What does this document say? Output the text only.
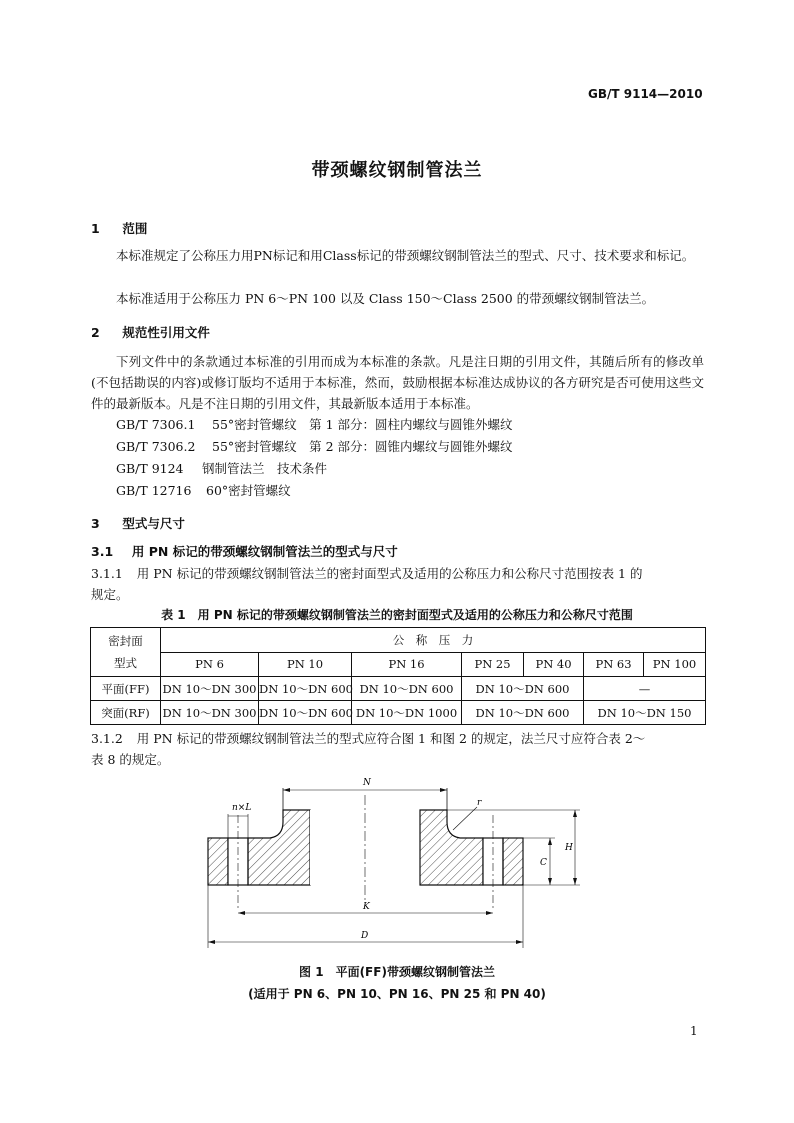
GB/T 9114—2010
带颈螺纹钢制管法兰
1 范围

本标准规定了公称压力用PN标记和用Class标记的带颈螺纹钢制管法兰的型式、尺寸、技术要求和标记。

本标准适用于公称压力 PN 6～PN 100 以及 Class 150～Class 2500 的带颈螺纹钢制管法兰。

2 规范性引用文件

下列文件中的条款通过本标准的引用而成为本标准的条款。凡是注日期的引用文件，其随后所有的修改单(不包括勘误的内容)或修订版均不适用于本标准，然而，鼓励根据本标准达成协议的各方研究是否可使用这些文件的最新版本。凡是不注日期的引用文件，其最新版本适用于本标准。

GB/T 7306.1 55°密封管螺纹　第 1 部分：圆柱内螺纹与圆锥外螺纹
GB/T 7306.2 55°密封管螺纹　第 2 部分：圆锥内螺纹与圆锥外螺纹
GB/T 9124 钢制管法兰　技术条件
GB/T 12716 60°密封管螺纹
3 型式与尺寸
3.1 用 PN 标记的带颈螺纹钢制管法兰的型式与尺寸
3.1.1 用 PN 标记的带颈螺纹钢制管法兰的密封面型式及适用的公称压力和公称尺寸范围按表 1 的
规定。
表 1　用 PN 标记的带颈螺纹钢制管法兰的密封面型式及适用的公称压力和公称尺寸范围
密封面
型式	公　称　压　力						
	PN 6	PN 10	PN 16	PN 25	PN 40	PN 63	PN 100
平面(FF)	DN 10～DN 300	DN 10～DN 600	DN 10～DN 600	DN 10～DN 600		—	
突面(RF)	DN 10～DN 300	DN 10～DN 600	DN 10～DN 1000	DN 10～DN 600		DN 10～DN 150	
3.1.2 用 PN 标记的带颈螺纹钢制管法兰的型式应符合图 1 和图 2 的规定，法兰尺寸应符合表 2～
表 8 的规定。
N
n×L	r
C
H
K
D
图 1　平面(FF)带颈螺纹钢制管法兰
(适用于 PN 6、PN 10、PN 16、PN 25 和 PN 40)
1
